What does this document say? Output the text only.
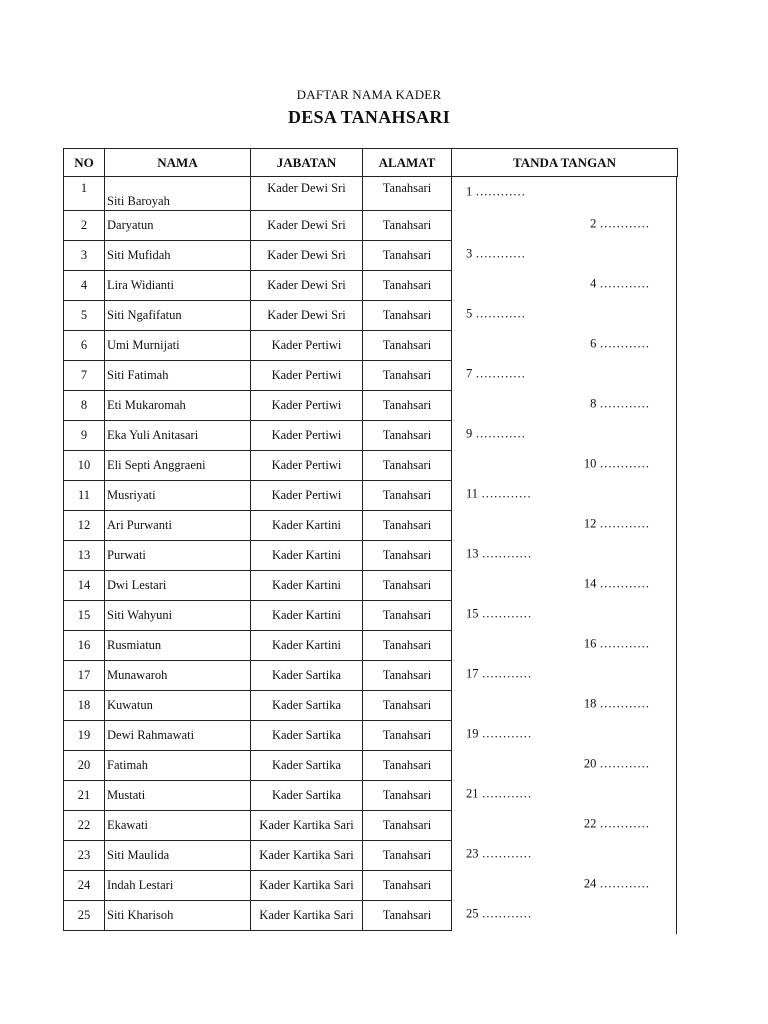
DAFTAR NAMA KADER
DESA TANAHSARI
NO	NAMA	JABATAN	ALAMAT	TANDA TANGAN
1	Siti Baroyah	Kader Dewi Sri	Tanahsari	1 …………

2	Daryatun	Kader Dewi Sri	Tanahsari	2 …………

3	Siti Mufidah	Kader Dewi Sri	Tanahsari	3 …………

4	Lira Widianti	Kader Dewi Sri	Tanahsari	4 …………

5	Siti Ngafifatun	Kader Dewi Sri	Tanahsari	5 …………

6	Umi Murnijati	Kader Pertiwi	Tanahsari	6 …………

7	Siti Fatimah	Kader Pertiwi	Tanahsari	7 …………

8	Eti Mukaromah	Kader Pertiwi	Tanahsari	8 …………

9	Eka Yuli Anitasari	Kader Pertiwi	Tanahsari	9 …………

10	Eli Septi Anggraeni	Kader Pertiwi	Tanahsari	10 …………

11	Musriyati	Kader Pertiwi	Tanahsari	11 …………

12	Ari Purwanti	Kader Kartini	Tanahsari	12 …………

13	Purwati	Kader Kartini	Tanahsari	13 …………

14	Dwi Lestari	Kader Kartini	Tanahsari	14 …………

15	Siti Wahyuni	Kader Kartini	Tanahsari	15 …………

16	Rusmiatun	Kader Kartini	Tanahsari	16 …………

17	Munawaroh	Kader Sartika	Tanahsari	17 …………

18	Kuwatun	Kader Sartika	Tanahsari	18 …………

19	Dewi Rahmawati	Kader Sartika	Tanahsari	19 …………

20	Fatimah	Kader Sartika	Tanahsari	20 …………

21	Mustati	Kader Sartika	Tanahsari	21 …………

22	Ekawati	Kader Kartika Sari	Tanahsari	22 …………

23	Siti Maulida	Kader Kartika Sari	Tanahsari	23 …………

24	Indah Lestari	Kader Kartika Sari	Tanahsari	24 …………

25	Siti Kharisoh	Kader Kartika Sari	Tanahsari	25 …………
